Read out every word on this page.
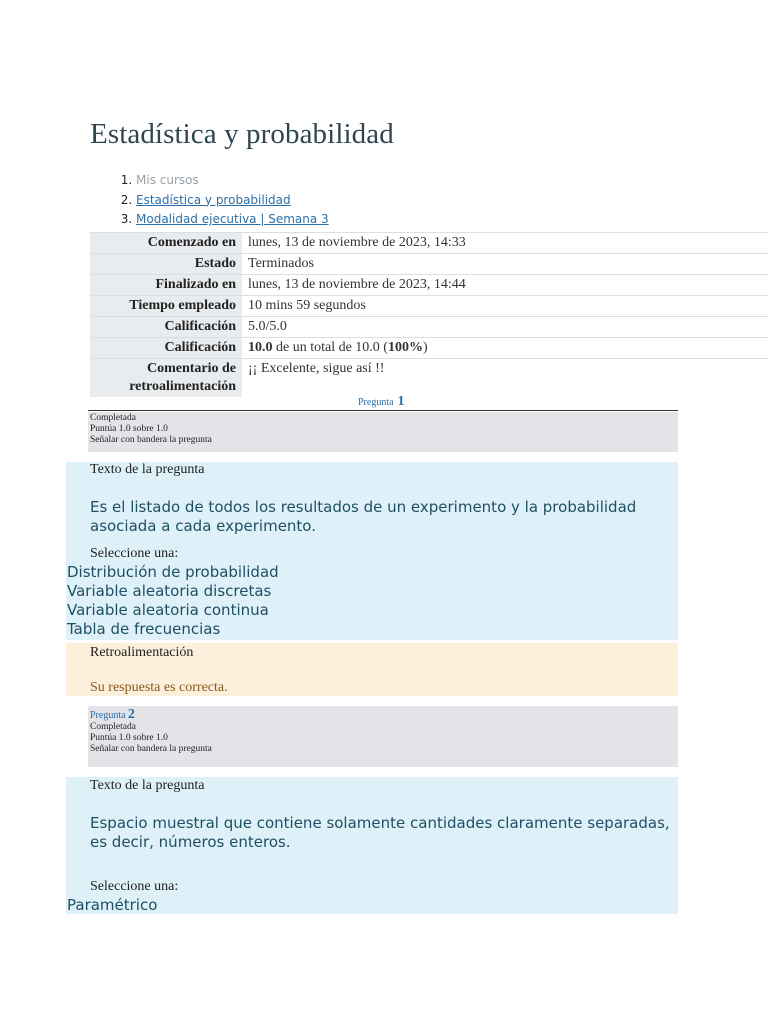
Estadística y probabilidad
1. Mis cursos
2. Estadística y probabilidad
3. Modalidad ejecutiva | Semana 3
Comenzado en	lunes, 13 de noviembre de 2023, 14:33
Estado	Terminados
Finalizado en	lunes, 13 de noviembre de 2023, 14:44
Tiempo empleado	10 mins 59 segundos
Calificación	5.0/5.0
Calificación	10.0 de un total de 10.0 (100%)
Comentario de
retroalimentación	¡¡ Excelente, sigue así !!
Pregunta 1
Completada
Puntúa 1.0 sobre 1.0
Señalar con bandera la pregunta
Texto de la pregunta
Es el listado de todos los resultados de un experimento y la probabilidad
asociada a cada experimento.
Seleccione una:
Distribución de probabilidad
Variable aleatoria discretas
Variable aleatoria continua
Tabla de frecuencias
Retroalimentación
Su respuesta es correcta.
Pregunta 2
Completada
Puntúa 1.0 sobre 1.0
Señalar con bandera la pregunta
Texto de la pregunta
Espacio muestral que contiene solamente cantidades claramente separadas,
es decir, números enteros.
Seleccione una:
Paramétrico
